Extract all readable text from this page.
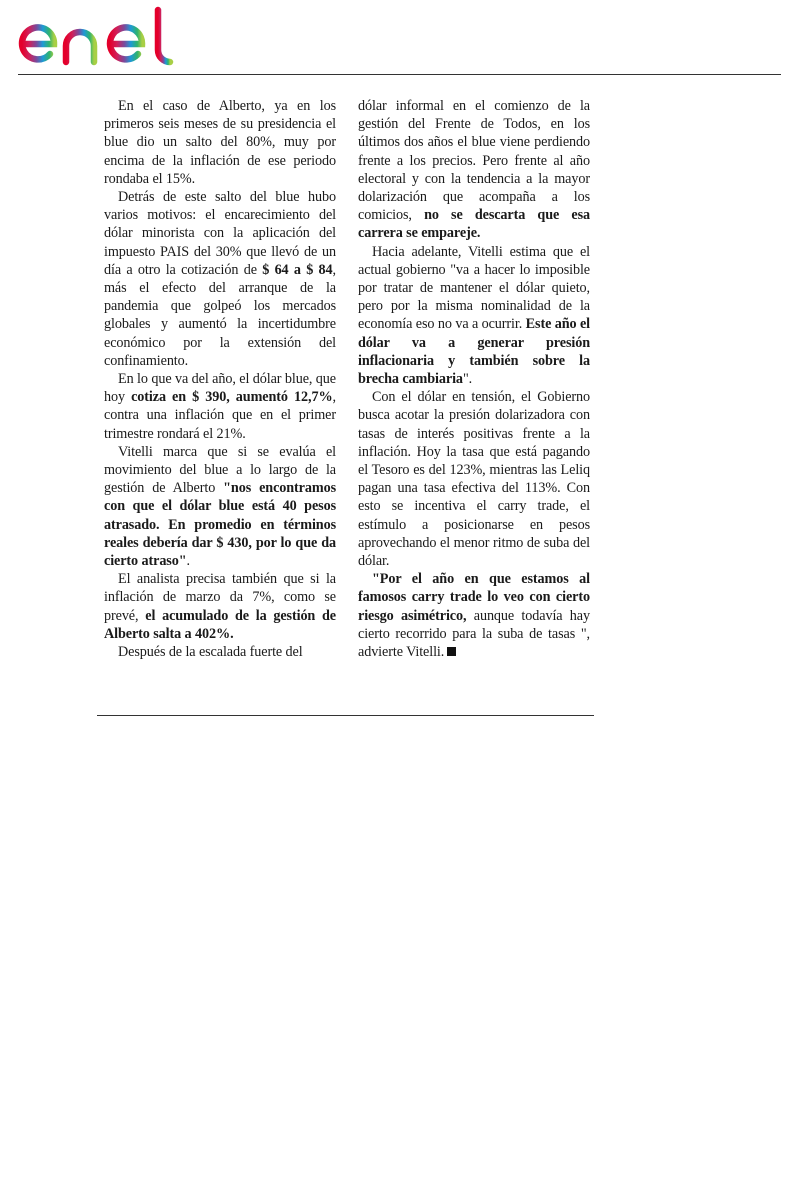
enel

En el caso de Alberto, ya en los primeros seis meses de su presidencia el blue dio un salto del 80%, muy por encima de la inflación de ese periodo rondaba el 15%.

Detrás de este salto del blue hubo varios motivos: el encarecimiento del dólar minorista con la aplicación del impuesto PAIS del 30% que llevó de un día a otro la cotización de $ 64 a $ 84, más el efecto del arranque de la pandemia que golpeó los mercados globales y aumentó la incertidumbre económico por la extensión del confinamiento.

En lo que va del año, el dólar blue, que hoy cotiza en $ 390, aumentó 12,7%, contra una inflación que en el primer trimestre rondará el 21%.

Vitelli marca que si se evalúa el movimiento del blue a lo largo de la gestión de Alberto "nos encontramos con que el dólar blue está 40 pesos atrasado. En promedio en términos reales debería dar $ 430, por lo que da cierto atraso".

El analista precisa también que si la inflación de marzo da 7%, como se prevé, el acumulado de la gestión de Alberto salta a 402%.

Después de la escalada fuerte del

dólar informal en el comienzo de la gestión del Frente de Todos, en los últimos dos años el blue viene perdiendo frente a los precios. Pero frente al año electoral y con la tendencia a la mayor dolarización que acompaña a los comicios, no se descarta que esa carrera se empareje.

Hacia adelante, Vitelli estima que el actual gobierno "va a hacer lo imposible por tratar de mantener el dólar quieto, pero por la misma nominalidad de la economía eso no va a ocurrir. Este año el dólar va a generar presión inflacionaria y también sobre la brecha cambiaria".

Con el dólar en tensión, el Gobierno busca acotar la presión dolarizadora con tasas de interés positivas frente a la inflación. Hoy la tasa que está pagando el Tesoro es del 123%, mientras las Leliq pagan una tasa efectiva del 113%. Con esto se incentiva el carry trade, el estímulo a posicionarse en pesos aprovechando el menor ritmo de suba del dólar.

"Por el año en que estamos al famosos carry trade lo veo con cierto riesgo asimétrico, aunque todavía hay cierto recorrido para la suba de tasas ", advierte Vitelli.
